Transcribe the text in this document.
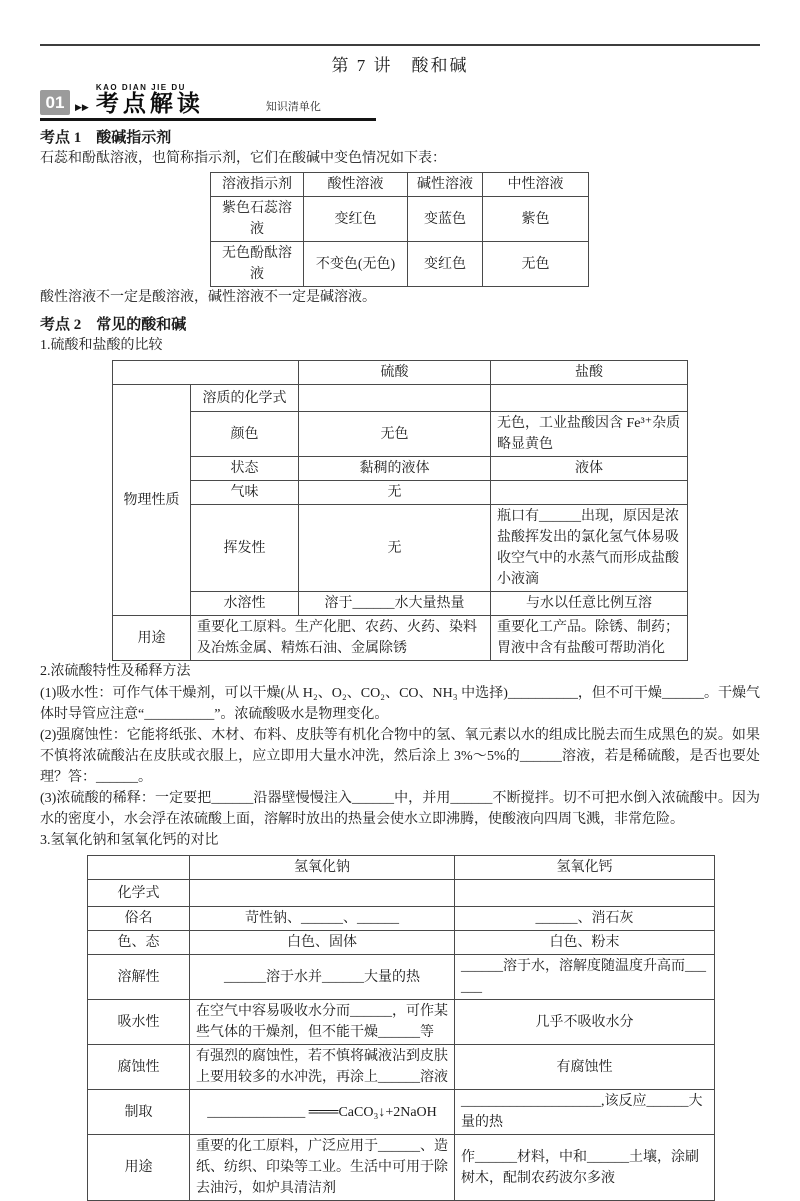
第 7 讲　酸和碱
01	▶▶
KAO DIAN JIE DU
考点解读	知识清单化
考点 1　酸碱指示剂
石蕊和酚酞溶液，也简称指示剂，它们在酸碱中变色情况如下表：
溶液指示剂	酸性溶液	碱性溶液	中性溶液
紫色石蕊溶液	变红色	变蓝色	紫色
无色酚酞溶液	不变色(无色)	变红色	无色
酸性溶液不一定是酸溶液，碱性溶液不一定是碱溶液。
考点 2　常见的酸和碱
1.硫酸和盐酸的比较
		硫酸	盐酸
物理性质	溶质的化学式		
	颜色	无色	无色，工业盐酸因含 Fe³⁺杂质略显黄色
	状态	黏稠的液体	液体
	气味	无	
	挥发性	无	瓶口有______出现，原因是浓盐酸挥发出的氯化氢气体易吸收空气中的水蒸气而形成盐酸小液滴
	水溶性	溶于______水大量热量	与水以任意比例互溶
用途	重要化工原料。生产化肥、农药、火药、染料及冶炼金属、精炼石油、金属除锈		重要化工产品。除锈、制药；胃液中含有盐酸可帮助消化
2.浓硫酸特性及稀释方法
(1)吸水性：可作气体干燥剂，可以干燥(从 H₂、O₂、CO₂、CO、NH₃ 中选择)__________，但不可干燥______。干燥气体时导管应注意“__________”。浓硫酸吸水是物理变化。
(2)强腐蚀性：它能将纸张、木材、布料、皮肤等有机化合物中的氢、氧元素以水的组成比脱去而生成黑色的炭。如果不慎将浓硫酸沾在皮肤或衣服上，应立即用大量水冲洗，然后涂上 3%～5%的______溶液，若是稀硫酸，是否也要处理？答：______。
(3)浓硫酸的稀释：一定要把______沿器壁慢慢注入______中，并用______不断搅拌。切不可把水倒入浓硫酸中。因为水的密度小，水会浮在浓硫酸上面，溶解时放出的热量会使水立即沸腾，使酸液向四周飞溅，非常危险。
3.氢氧化钠和氢氧化钙的对比
	氢氧化钠	氢氧化钙
化学式		
俗名	苛性钠、______、______	______、消石灰
色、态	白色、固体	白色、粉末
溶解性	______溶于水并______大量的热	______溶于水，溶解度随温度升高而______
吸水性	在空气中容易吸收水分而______，可作某些气体的干燥剂，但不能干燥______等	几乎不吸收水分
腐蚀性	有强烈的腐蚀性，若不慎将碱液沾到皮肤上要用较多的水冲洗，再涂上______溶液	有腐蚀性
制取	______________ ═══CaCO₃↓+2NaOH	____________________,该反应______大量的热
用途	重要的化工原料，广泛应用于______、造纸、纺织、印染等工业。生活中可用于除去油污，如炉具清洁剂	作______材料，中和______土壤，涂刷树木，配制农药波尔多液
